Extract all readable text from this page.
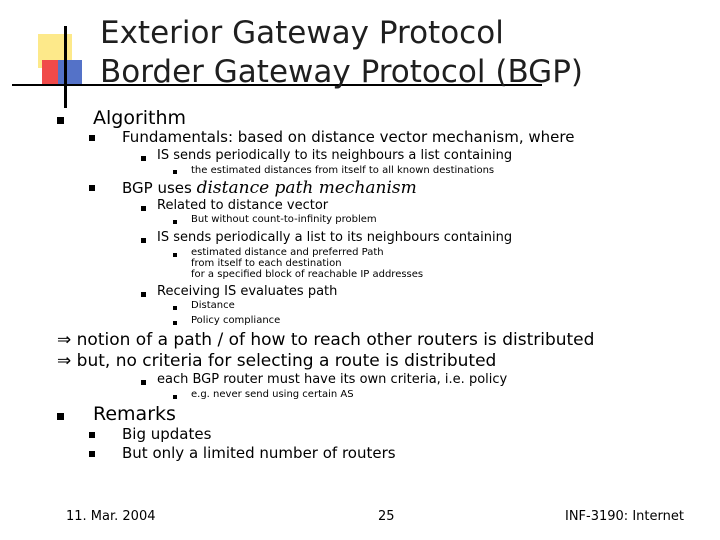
Exterior Gateway Protocol
Border Gateway Protocol (BGP)
Algorithm
Fundamentals: based on distance vector mechanism, where
IS sends periodically to its neighbours a list containing
the estimated distances from itself to all known destinations
BGP uses distance path mechanism
Related to distance vector
But without count-to-infinity problem
IS sends periodically a list to its neighbours containing
estimated distance and preferred Path
from itself to each destination
for a specified block of reachable IP addresses
Receiving IS evaluates path
Distance
Policy compliance
⇒ notion of a path / of how to reach other routers is distributed
⇒ but, no criteria for selecting a route is distributed
each BGP router must have its own criteria, i.e. policy
e.g. never send using certain AS
Remarks
Big updates
But only a limited number of routers
11. Mar. 2004	25	INF-3190: Internet
